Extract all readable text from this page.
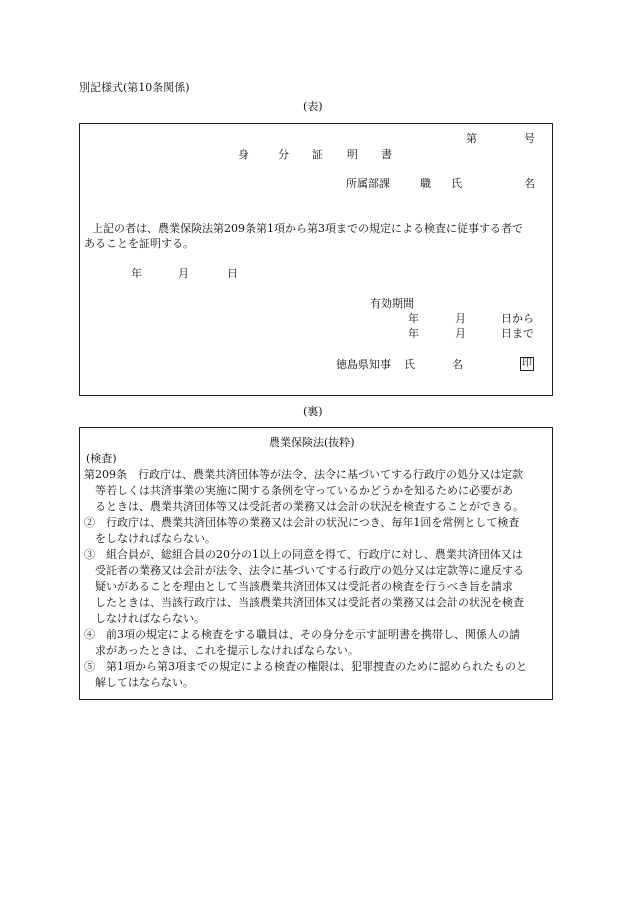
別記様式(第10条関係)
(表)
第	号
身	分 証 明 書
所属部課	職 氏	名
上記の者は、農業保険法第209条第1項から第3項までの規定による検査に従事する者で
あることを証明する。
年	月	日
有効期間
年	月	日から
年	月	日まで
徳島県知事 氏	名	印
(裏)
農業保険法(抜粋)
(検査)
第209条　行政庁は、農業共済団体等が法令、法令に基づいてする行政庁の処分又は定款
　等若しくは共済事業の実施に関する条例を守っているかどうかを知るために必要があ
　るときは、農業共済団体等又は受託者の業務又は会計の状況を検査することができる。
②　行政庁は、農業共済団体等の業務又は会計の状況につき、毎年1回を常例として検査
　をしなければならない。
③　組合員が、総組合員の20分の1以上の同意を得て、行政庁に対し、農業共済団体又は
　受託者の業務又は会計が法令、法令に基づいてする行政庁の処分又は定款等に違反する
　疑いがあることを理由として当該農業共済団体又は受託者の検査を行うべき旨を請求
　したときは、当該行政庁は、当該農業共済団体又は受託者の業務又は会計の状況を検査
　しなければならない。
④　前3項の規定による検査をする職員は、その身分を示す証明書を携帯し、関係人の請
　求があったときは、これを提示しなければならない。
⑤　第1項から第3項までの規定による検査の権限は、犯罪捜査のために認められたものと
　解してはならない。
